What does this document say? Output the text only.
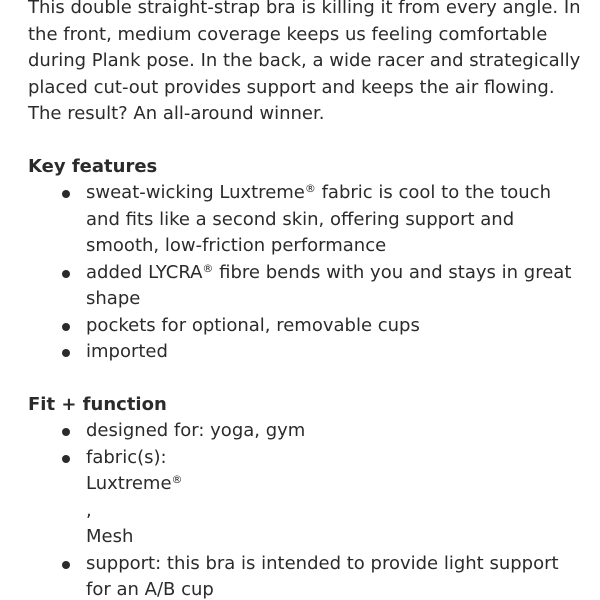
This double straight-strap bra is killing it from every angle. In the front, medium coverage keeps us feeling comfortable during Plank pose. In the back, a wide racer and strategically placed cut-out provides support and keeps the air flowing. The result? An all-around winner.

Key features
sweat-wicking Luxtreme® fabric is cool to the touch and fits like a second skin, offering support and smooth, low-friction performance
added LYCRA® fibre bends with you and stays in great shape
pockets for optional, removable cups
imported
Fit + function
designed for: yoga, gym
fabric(s):
Luxtreme®
,
Mesh
support: this bra is intended to provide light support for an A/B cup
